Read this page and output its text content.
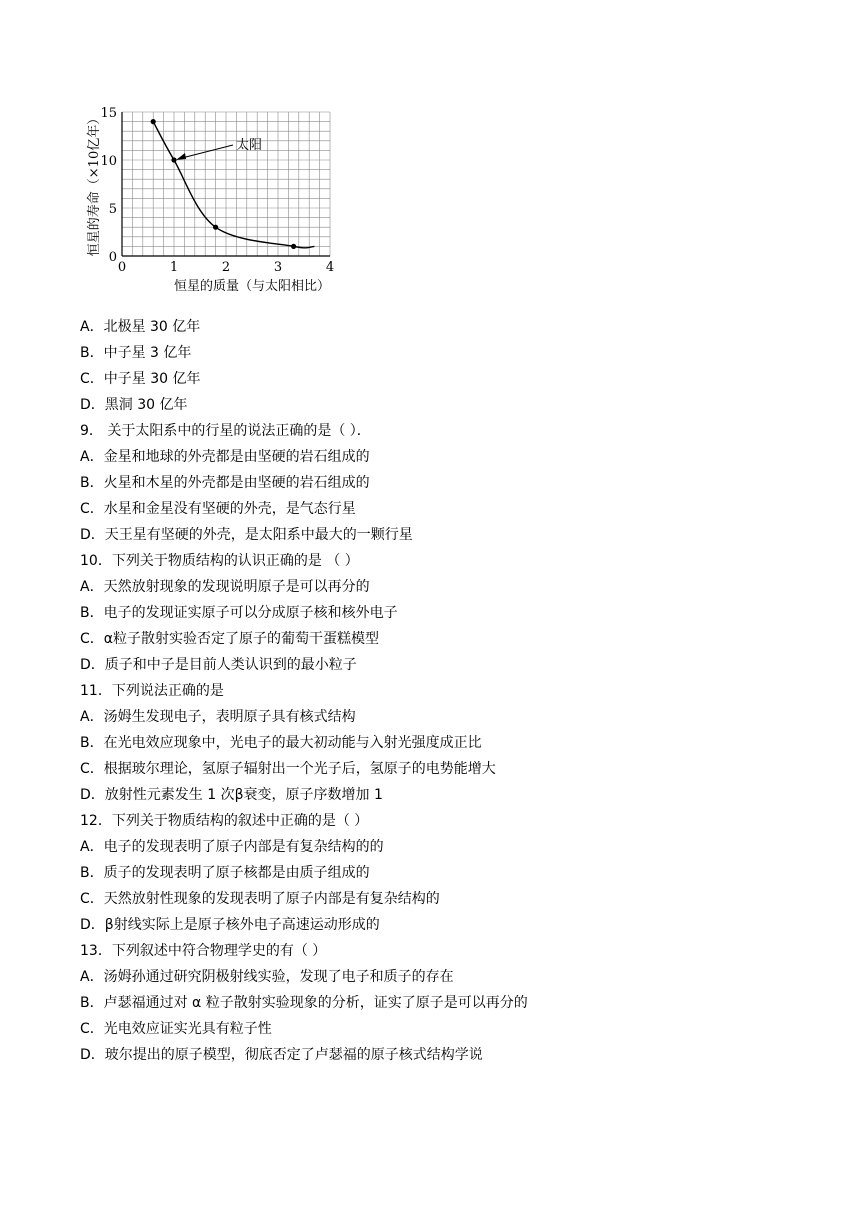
0	1	2	3	4
0
5
10
15
太阳
恒星的寿命（×10亿年）
恒星的质量（与太阳相比）
A．北极星 30 亿年
B．中子星 3 亿年
C．中子星 30 亿年
D．黑洞 30 亿年
9． 关于太阳系中的行星的说法正确的是（ ）．
A．金星和地球的外壳都是由坚硬的岩石组成的
B．火星和木星的外壳都是由坚硬的岩石组成的
C．水星和金星没有坚硬的外壳，是气态行星
D．天王星有坚硬的外壳，是太阳系中最大的一颗行星
10．下列关于物质结构的认识正确的是 （ ）
A．天然放射现象的发现说明原子是可以再分的
B．电子的发现证实原子可以分成原子核和核外电子
C．α粒子散射实验否定了原子的葡萄干蛋糕模型
D．质子和中子是目前人类认识到的最小粒子
11．下列说法正确的是
A．汤姆生发现电子，表明原子具有核式结构
B．在光电效应现象中，光电子的最大初动能与入射光强度成正比
C．根据玻尔理论，氢原子辐射出一个光子后，氢原子的电势能增大
D．放射性元素发生 1 次β衰变，原子序数增加 1
12．下列关于物质结构的叙述中正确的是（ ）
A．电子的发现表明了原子内部是有复杂结构的的
B．质子的发现表明了原子核都是由质子组成的
C．天然放射性现象的发现表明了原子内部是有复杂结构的
D．β射线实际上是原子核外电子高速运动形成的
13．下列叙述中符合物理学史的有（ ）
A．汤姆孙通过研究阴极射线实验，发现了电子和质子的存在
B．卢瑟福通过对 α 粒子散射实验现象的分析，证实了原子是可以再分的
C．光电效应证实光具有粒子性
D．玻尔提出的原子模型，彻底否定了卢瑟福的原子核式结构学说
